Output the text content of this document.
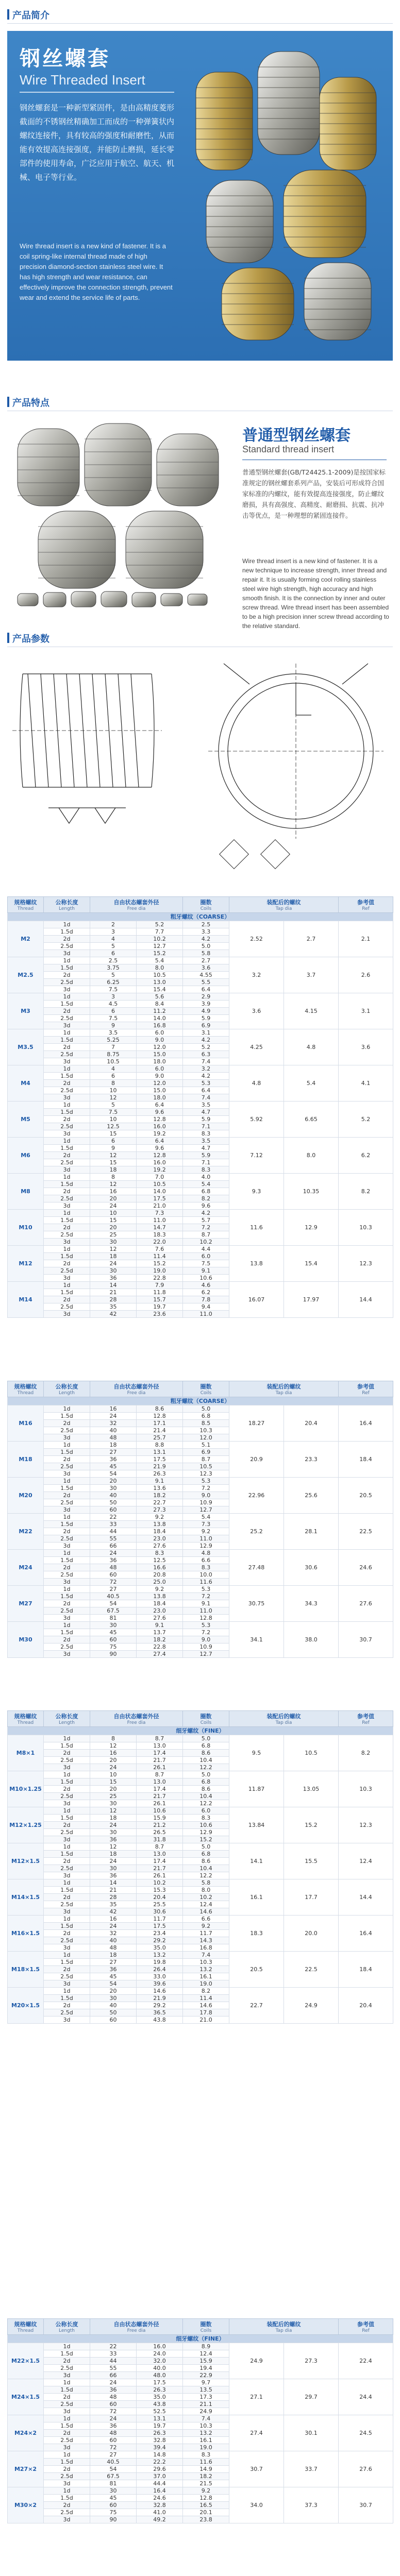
产品简介
钢丝螺套
Wire Threaded Insert
钢丝螺套是一种新型紧固件，是由高精度菱形截面的不锈钢丝精确加工而成的一种弹簧状内螺纹连接件，具有较高的强度和耐磨性，从而能有效提高连接强度，并能防止磨损，延长零部件的使用寿命，广泛应用于航空、航天、机械、电子等行业。
Wire thread insert is a new kind of fastener. It is a coil spring-like internal thread made of high precision diamond-section stainless steel wire. It has high strength and wear resistance, can effectively improve the connection strength, prevent wear and extend the service life of parts.
产品特点
普通型钢丝螺套
Standard thread insert
普通型钢丝螺套(GB/T24425.1-2009)是按国家标准规定的钢丝螺套系列产品，安装后可形成符合国家标准的内螺纹，能有效提高连接强度，防止螺纹磨损，具有高强度、高精度、耐磨损、抗震、抗冲击等优点，是一种理想的紧固连接件。
Wire thread insert is a new kind of fastener. It is a new technique to increase strength, inner thread and repair it. It is usually forming cool rolling stainless steel wire high strength, high accuracy and high smooth finish. It is the connection by inner and outer screw thread. Wire thread insert has been assembled to be a high precision inner screw thread according to the relative standard.
产品参数
规格螺纹
Thread	公称长度
Length	自由状态螺套外径
Free dia		圈数
Coils	装配后的螺纹
Tap dia		参考值
Ref

粗牙螺纹（COARSE）							
M2	1d	2	5.2	2.5	2.52	2.7	2.1
	1.5d	3	7.7	3.3			
	2d	4	10.2	4.2			
	2.5d	5	12.7	5.0			
	3d	6	15.2	5.8			
M2.5	1d	2.5	5.4	2.7	3.2	3.7	2.6
	1.5d	3.75	8.0	3.6			
	2d	5	10.5	4.55			
	2.5d	6.25	13.0	5.5			
	3d	7.5	15.4	6.4			
M3	1d	3	5.6	2.9	3.6	4.15	3.1
	1.5d	4.5	8.4	3.9			
	2d	6	11.2	4.9			
	2.5d	7.5	14.0	5.9			
	3d	9	16.8	6.9			
M3.5	1d	3.5	6.0	3.1	4.25	4.8	3.6
	1.5d	5.25	9.0	4.2			
	2d	7	12.0	5.2			
	2.5d	8.75	15.0	6.3			
	3d	10.5	18.0	7.4			
M4	1d	4	6.0	3.2	4.8	5.4	4.1
	1.5d	6	9.0	4.2			
	2d	8	12.0	5.3			
	2.5d	10	15.0	6.4			
	3d	12	18.0	7.4			
M5	1d	5	6.4	3.5	5.92	6.65	5.2
	1.5d	7.5	9.6	4.7			
	2d	10	12.8	5.9			
	2.5d	12.5	16.0	7.1			
	3d	15	19.2	8.3			
M6	1d	6	6.4	3.5	7.12	8.0	6.2
	1.5d	9	9.6	4.7			
	2d	12	12.8	5.9			
	2.5d	15	16.0	7.1			
	3d	18	19.2	8.3			
M8	1d	8	7.0	4.0	9.3	10.35	8.2
	1.5d	12	10.5	5.4			
	2d	16	14.0	6.8			
	2.5d	20	17.5	8.2			
	3d	24	21.0	9.6			
M10	1d	10	7.3	4.2	11.6	12.9	10.3
	1.5d	15	11.0	5.7			
	2d	20	14.7	7.2			
	2.5d	25	18.3	8.7			
	3d	30	22.0	10.2			
M12	1d	12	7.6	4.4	13.8	15.4	12.3
	1.5d	18	11.4	6.0			
	2d	24	15.2	7.5			
	2.5d	30	19.0	9.1			
	3d	36	22.8	10.6			
M14	1d	14	7.9	4.6	16.07	17.97	14.4
	1.5d	21	11.8	6.2			
	2d	28	15.7	7.8			
	2.5d	35	19.7	9.4			
	3d	42	23.6	11.0			
规格螺纹
Thread	公称长度
Length	自由状态螺套外径
Free dia		圈数
Coils	装配后的螺纹
Tap dia		参考值
Ref

粗牙螺纹（COARSE）							
M16	1d	16	8.6	5.0	18.27	20.4	16.4
	1.5d	24	12.8	6.8			
	2d	32	17.1	8.5			
	2.5d	40	21.4	10.3			
	3d	48	25.7	12.0			
M18	1d	18	8.8	5.1	20.9	23.3	18.4
	1.5d	27	13.1	6.9			
	2d	36	17.5	8.7			
	2.5d	45	21.9	10.5			
	3d	54	26.3	12.3			
M20	1d	20	9.1	5.3	22.96	25.6	20.5
	1.5d	30	13.6	7.2			
	2d	40	18.2	9.0			
	2.5d	50	22.7	10.9			
	3d	60	27.3	12.7			
M22	1d	22	9.2	5.4	25.2	28.1	22.5
	1.5d	33	13.8	7.3			
	2d	44	18.4	9.2			
	2.5d	55	23.0	11.0			
	3d	66	27.6	12.9			
M24	1d	24	8.3	4.8	27.48	30.6	24.6
	1.5d	36	12.5	6.6			
	2d	48	16.6	8.3			
	2.5d	60	20.8	10.0			
	3d	72	25.0	11.6			
M27	1d	27	9.2	5.3	30.75	34.3	27.6
	1.5d	40.5	13.8	7.2			
	2d	54	18.4	9.1			
	2.5d	67.5	23.0	11.0			
	3d	81	27.6	12.8			
M30	1d	30	9.1	5.3	34.1	38.0	30.7
	1.5d	45	13.7	7.2			
	2d	60	18.2	9.0			
	2.5d	75	22.8	10.9			
	3d	90	27.4	12.7			
规格螺纹
Thread	公称长度
Length	自由状态螺套外径
Free dia		圈数
Coils	装配后的螺纹
Tap dia		参考值
Ref

细牙螺纹（FINE）							
M8×1	1d	8	8.7	5.0	9.5	10.5	8.2
	1.5d	12	13.0	6.8			
	2d	16	17.4	8.6			
	2.5d	20	21.7	10.4			
	3d	24	26.1	12.2			
M10×1.25	1d	10	8.7	5.0	11.87	13.05	10.3
	1.5d	15	13.0	6.8			
	2d	20	17.4	8.6			
	2.5d	25	21.7	10.4			
	3d	30	26.1	12.2			
M12×1.25	1d	12	10.6	6.0	13.84	15.2	12.3
	1.5d	18	15.9	8.3			
	2d	24	21.2	10.6			
	2.5d	30	26.5	12.9			
	3d	36	31.8	15.2			
M12×1.5	1d	12	8.7	5.0	14.1	15.5	12.4
	1.5d	18	13.0	6.8			
	2d	24	17.4	8.6			
	2.5d	30	21.7	10.4			
	3d	36	26.1	12.2			
M14×1.5	1d	14	10.2	5.8	16.1	17.7	14.4
	1.5d	21	15.3	8.0			
	2d	28	20.4	10.2			
	2.5d	35	25.5	12.4			
	3d	42	30.6	14.6			
M16×1.5	1d	16	11.7	6.6	18.3	20.0	16.4
	1.5d	24	17.5	9.2			
	2d	32	23.4	11.7			
	2.5d	40	29.2	14.3			
	3d	48	35.0	16.8			
M18×1.5	1d	18	13.2	7.4	20.5	22.5	18.4
	1.5d	27	19.8	10.3			
	2d	36	26.4	13.2			
	2.5d	45	33.0	16.1			
	3d	54	39.6	19.0			
M20×1.5	1d	20	14.6	8.2	22.7	24.9	20.4
	1.5d	30	21.9	11.4			
	2d	40	29.2	14.6			
	2.5d	50	36.5	17.8			
	3d	60	43.8	21.0			
规格螺纹
Thread	公称长度
Length	自由状态螺套外径
Free dia		圈数
Coils	装配后的螺纹
Tap dia		参考值
Ref

细牙螺纹（FINE）							
M22×1.5	1d	22	16.0	8.9	24.9	27.3	22.4
	1.5d	33	24.0	12.4			
	2d	44	32.0	15.9			
	2.5d	55	40.0	19.4			
	3d	66	48.0	22.9			
M24×1.5	1d	24	17.5	9.7	27.1	29.7	24.4
	1.5d	36	26.3	13.5			
	2d	48	35.0	17.3			
	2.5d	60	43.8	21.1			
	3d	72	52.5	24.9			
M24×2	1d	24	13.1	7.4	27.4	30.1	24.5
	1.5d	36	19.7	10.3			
	2d	48	26.3	13.2			
	2.5d	60	32.8	16.1			
	3d	72	39.4	19.0			
M27×2	1d	27	14.8	8.3	30.7	33.7	27.6
	1.5d	40.5	22.2	11.6			
	2d	54	29.6	14.9			
	2.5d	67.5	37.0	18.2			
	3d	81	44.4	21.5			
M30×2	1d	30	16.4	9.2	34.0	37.3	30.7
	1.5d	45	24.6	12.8			
	2d	60	32.8	16.5			
	2.5d	75	41.0	20.1			
	3d	90	49.2	23.8			
